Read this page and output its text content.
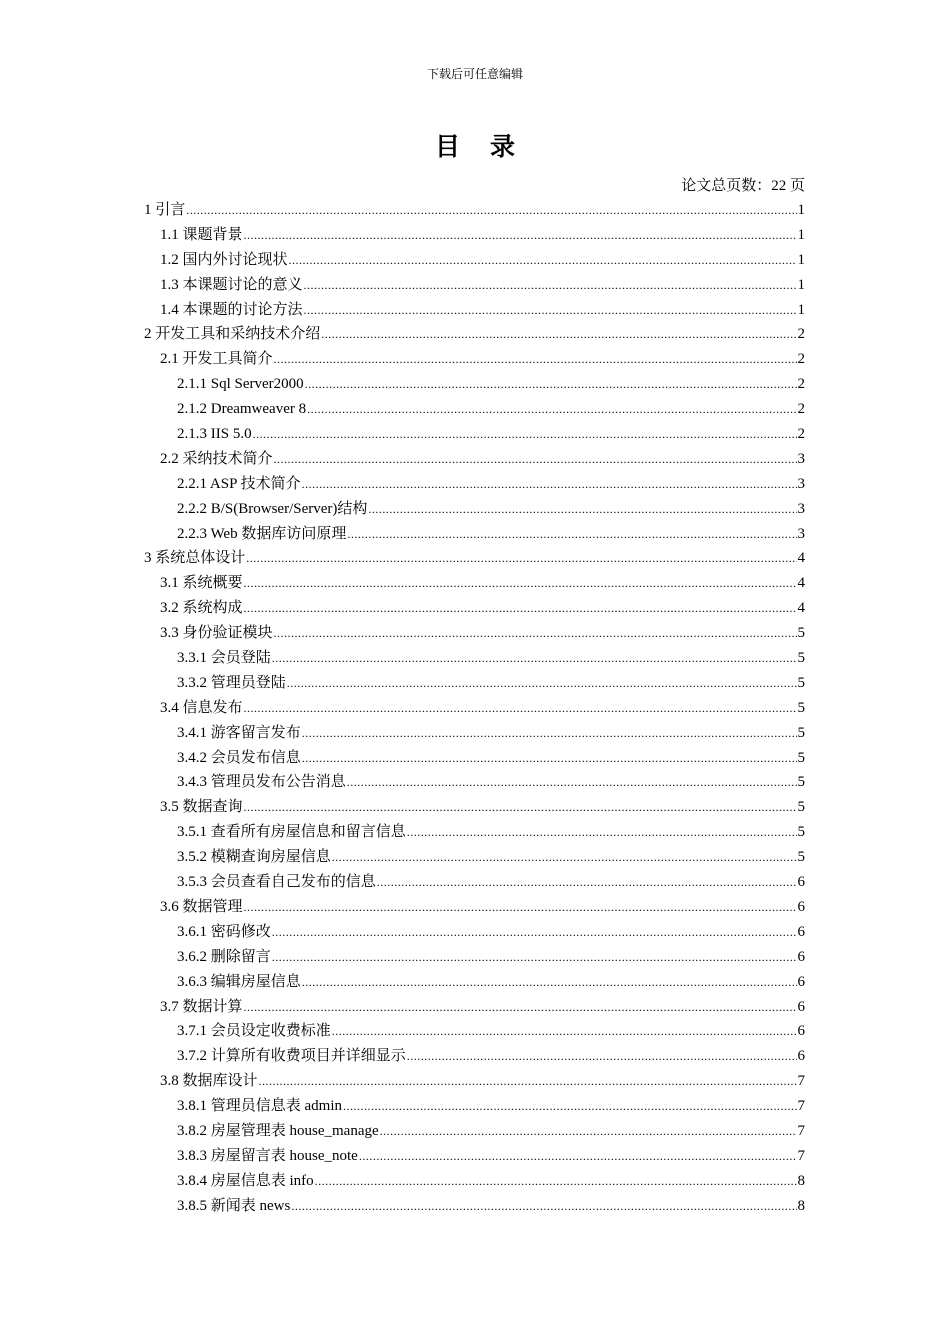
下载后可任意编辑
目录
论文总页数：22 页
1 引言 .....	1
1.1 课题背景 .....	1
1.2 国内外讨论现状 .....	1
1.3 本课题讨论的意义 .....	1
1.4 本课题的讨论方法 .....	1
2 开发工具和采纳技术介绍 .....	2
2.1 开发工具简介 .....	2
2.1.1 Sql Server2000 .....	2
2.1.2 Dreamweaver 8 .....	2
2.1.3 IIS 5.0 .....	2
2.2 采纳技术简介 .....	3
2.2.1 ASP 技术简介 .....	3
2.2.2 B/S(Browser/Server)结构 .....	3
2.2.3 Web 数据库访问原理 .....	3
3 系统总体设计 .....	4
3.1 系统概要 .....	4
3.2 系统构成 .....	4
3.3 身份验证模块 .....	5
3.3.1 会员登陆 .....	5
3.3.2 管理员登陆 .....	5
3.4 信息发布 .....	5
3.4.1 游客留言发布 .....	5
3.4.2 会员发布信息 .....	5
3.4.3 管理员发布公告消息 .....	5
3.5 数据查询 .....	5
3.5.1 查看所有房屋信息和留言信息 .....	5
3.5.2 模糊查询房屋信息 .....	5
3.5.3 会员查看自己发布的信息 .....	6
3.6 数据管理 .....	6
3.6.1 密码修改 .....	6
3.6.2 删除留言 .....	6
3.6.3 编辑房屋信息 .....	6
3.7 数据计算 .....	6
3.7.1 会员设定收费标准 .....	6
3.7.2 计算所有收费项目并详细显示 .....	6
3.8 数据库设计 .....	7
3.8.1 管理员信息表 admin .....	7
3.8.2 房屋管理表 house_manage .....	7
3.8.3 房屋留言表 house_note .....	7
3.8.4 房屋信息表 info .....	8
3.8.5 新闻表 news .....	8
